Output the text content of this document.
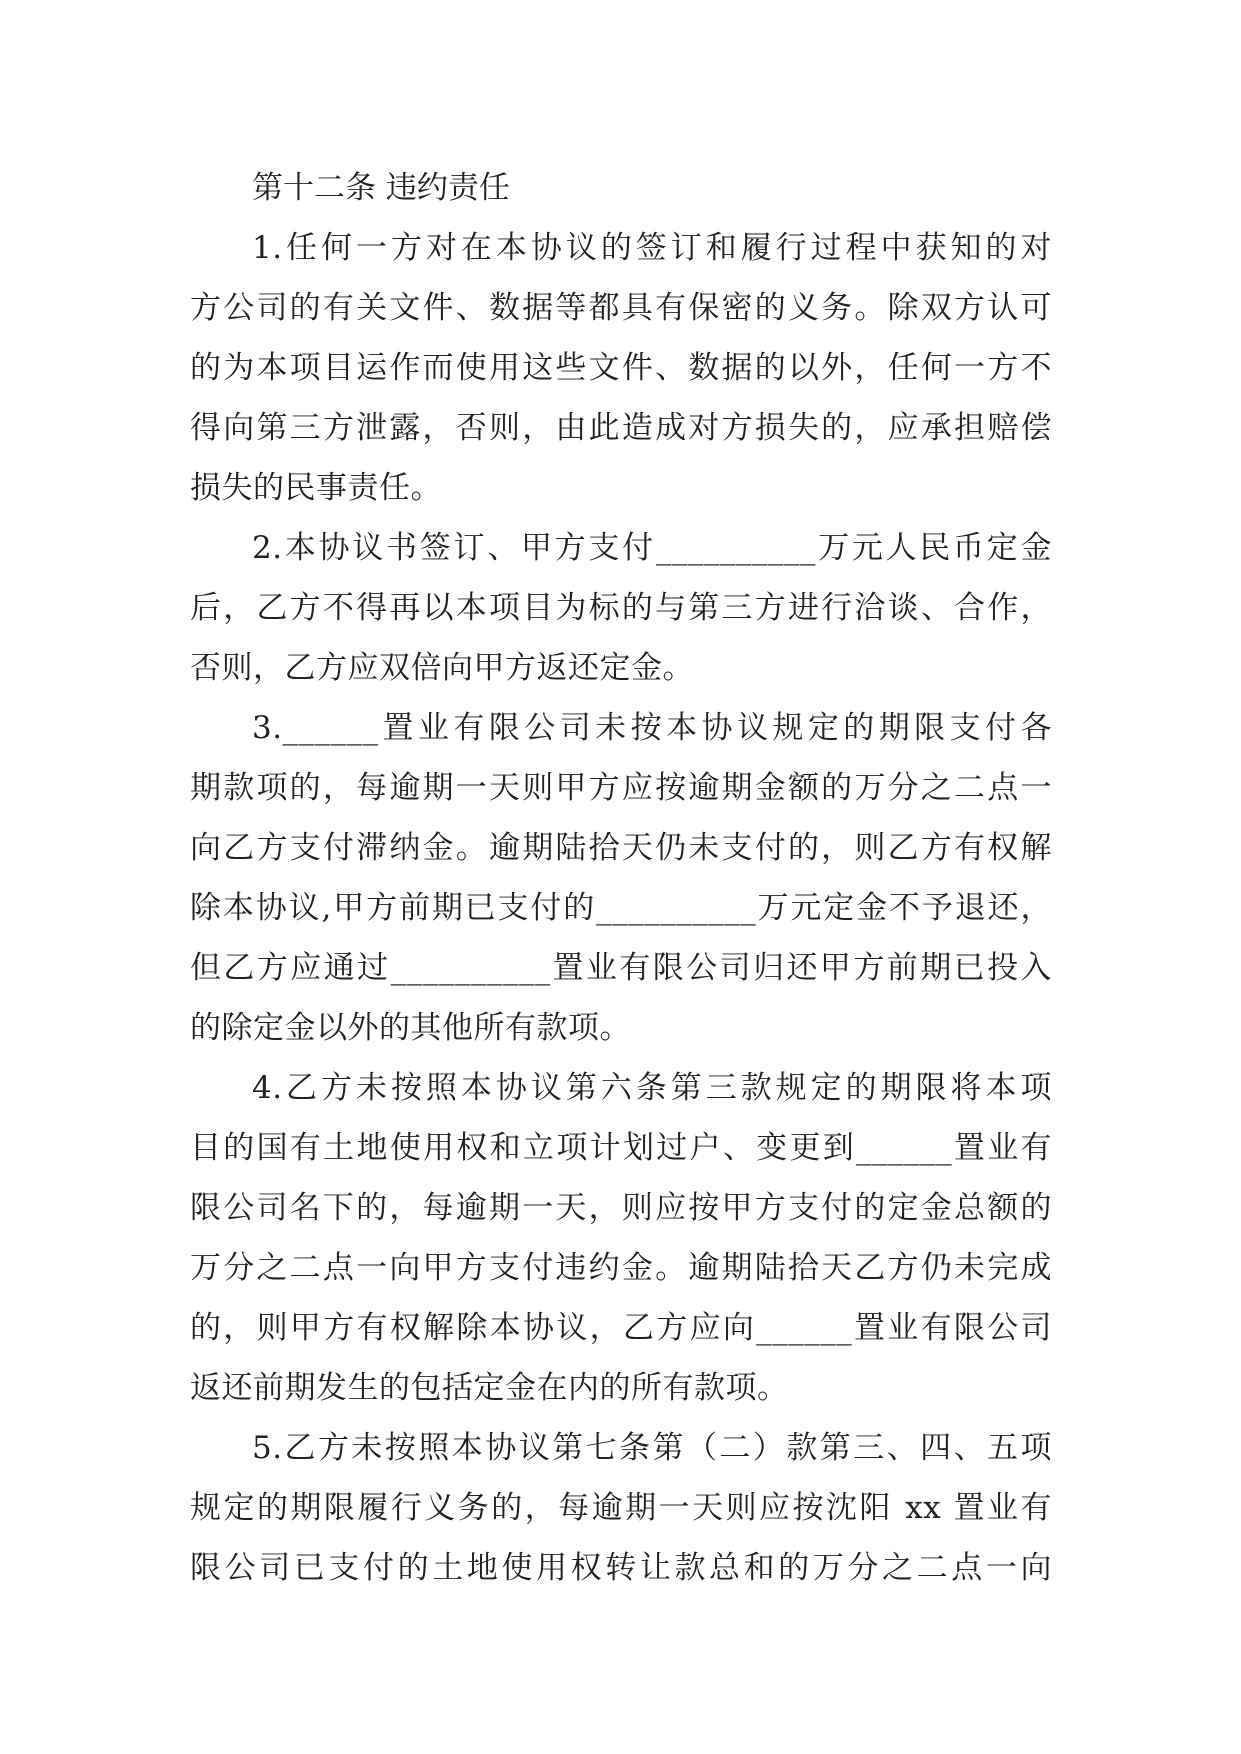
第十二条 违约责任
1.任何一方对在本协议的签订和履行过程中获知的对
方公司的有关文件、数据等都具有保密的义务。除双方认可
的为本项目运作而使用这些文件、数据的以外，任何一方不
得向第三方泄露，否则，由此造成对方损失的，应承担赔偿
损失的民事责任。
2.本协议书签订、甲方支付__________万元人民币定金
后，乙方不得再以本项目为标的与第三方进行洽谈、合作，
否则，乙方应双倍向甲方返还定金。
3.______置业有限公司未按本协议规定的期限支付各
期款项的，每逾期一天则甲方应按逾期金额的万分之二点一
向乙方支付滞纳金。逾期陆拾天仍未支付的，则乙方有权解
除本协议,甲方前期已支付的__________万元定金不予退还，
但乙方应通过__________置业有限公司归还甲方前期已投入
的除定金以外的其他所有款项。
4.乙方未按照本协议第六条第三款规定的期限将本项
目的国有土地使用权和立项计划过户、变更到______置业有
限公司名下的，每逾期一天，则应按甲方支付的定金总额的
万分之二点一向甲方支付违约金。逾期陆拾天乙方仍未完成
的，则甲方有权解除本协议，乙方应向______置业有限公司
返还前期发生的包括定金在内的所有款项。
5.乙方未按照本协议第七条第（二）款第三、四、五项
规定的期限履行义务的，每逾期一天则应按沈阳 xx 置业有
限公司已支付的土地使用权转让款总和的万分之二点一向
